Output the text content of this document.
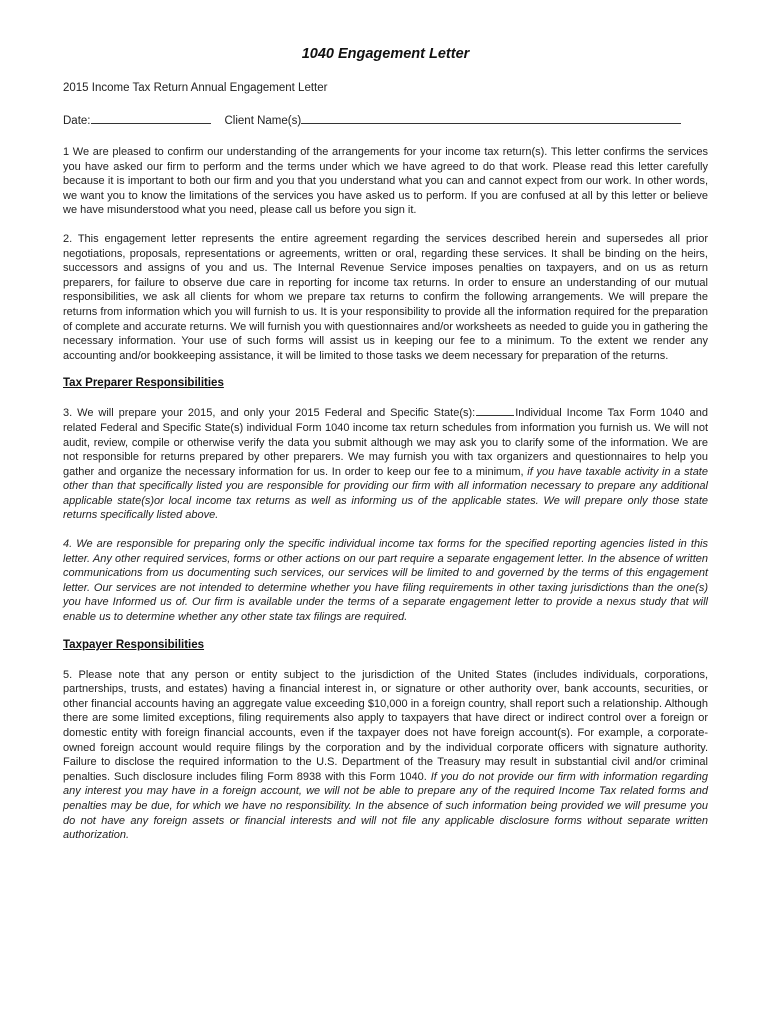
1040 Engagement Letter
2015 Income Tax Return Annual Engagement Letter
Date:	Client Name(s)

1 We are pleased to confirm our understanding of the arrangements for your income tax return(s). This letter confirms the services you have asked our firm to perform and the terms under which we have agreed to do that work. Please read this letter carefully because it is important to both our firm and you that you understand what you can and cannot expect from our work. In other words, we want you to know the limitations of the services you have asked us to perform. If you are confused at all by this letter or believe we have misunderstood what you need, please call us before you sign it.

2. This engagement letter represents the entire agreement regarding the services described herein and supersedes all prior negotiations, proposals, representations or agreements, written or oral, regarding these services. It shall be binding on the heirs, successors and assigns of you and us. The Internal Revenue Service imposes penalties on taxpayers, and on us as return preparers, for failure to observe due care in reporting for income tax returns. In order to ensure an understanding of our mutual responsibilities, we ask all clients for whom we prepare tax returns to confirm the following arrangements. We will prepare the returns from information which you will furnish to us. It is your responsibility to provide all the information required for the preparation of complete and accurate returns. We will furnish you with questionnaires and/or worksheets as needed to guide you in gathering the necessary information. Your use of such forms will assist us in keeping our fee to a minimum. To the extent we render any accounting and/or bookkeeping assistance, it will be limited to those tasks we deem necessary for preparation of the returns.

Tax Preparer Responsibilities

3. We will prepare your 2015, and only your 2015 Federal and Specific State(s):	Individual Income Tax Form 1040 and related Federal and Specific State(s) individual Form 1040 income tax return schedules from information you furnish us. We will not audit, review, compile or otherwise verify the data you submit although we may ask you to clarify some of the information. We are not responsible for returns prepared by other preparers. We may furnish you with tax organizers and questionnaires to help you gather and organize the necessary information for us. In order to keep our fee to a minimum, if you have taxable activity in a state other than that specifically listed you are responsible for providing our firm with all information necessary to prepare any additional applicable state(s)or local income tax returns as well as informing us of the applicable states. We will prepare only those state returns specifically listed above.

4. We are responsible for preparing only the specific individual income tax forms for the specified reporting agencies listed in this letter. Any other required services, forms or other actions on our part require a separate engagement letter. In the absence of written communications from us documenting such services, our services will be limited to and governed by the terms of this engagement letter. Our services are not intended to determine whether you have filing requirements in other taxing jurisdictions than the one(s) you have Informed us of. Our firm is available under the terms of a separate engagement letter to provide a nexus study that will enable us to determine whether any other state tax filings are required.

Taxpayer Responsibilities

5. Please note that any person or entity subject to the jurisdiction of the United States (includes individuals, corporations, partnerships, trusts, and estates) having a financial interest in, or signature or other authority over, bank accounts, securities, or other financial accounts having an aggregate value exceeding $10,000 in a foreign country, shall report such a relationship. Although there are some limited exceptions, filing requirements also apply to taxpayers that have direct or indirect control over a foreign or domestic entity with foreign financial accounts, even if the taxpayer does not have foreign account(s). For example, a corporate-owned foreign account would require filings by the corporation and by the individual corporate officers with signature authority. Failure to disclose the required information to the U.S. Department of the Treasury may result in substantial civil and/or criminal penalties. Such disclosure includes filing Form 8938 with this Form 1040. If you do not provide our firm with information regarding any interest you may have in a foreign account, we will not be able to prepare any of the required Income Tax related forms and penalties may be due, for which we have no responsibility. In the absence of such information being provided we will presume you do not have any foreign assets or financial interests and will not file any applicable disclosure forms without separate written authorization.
